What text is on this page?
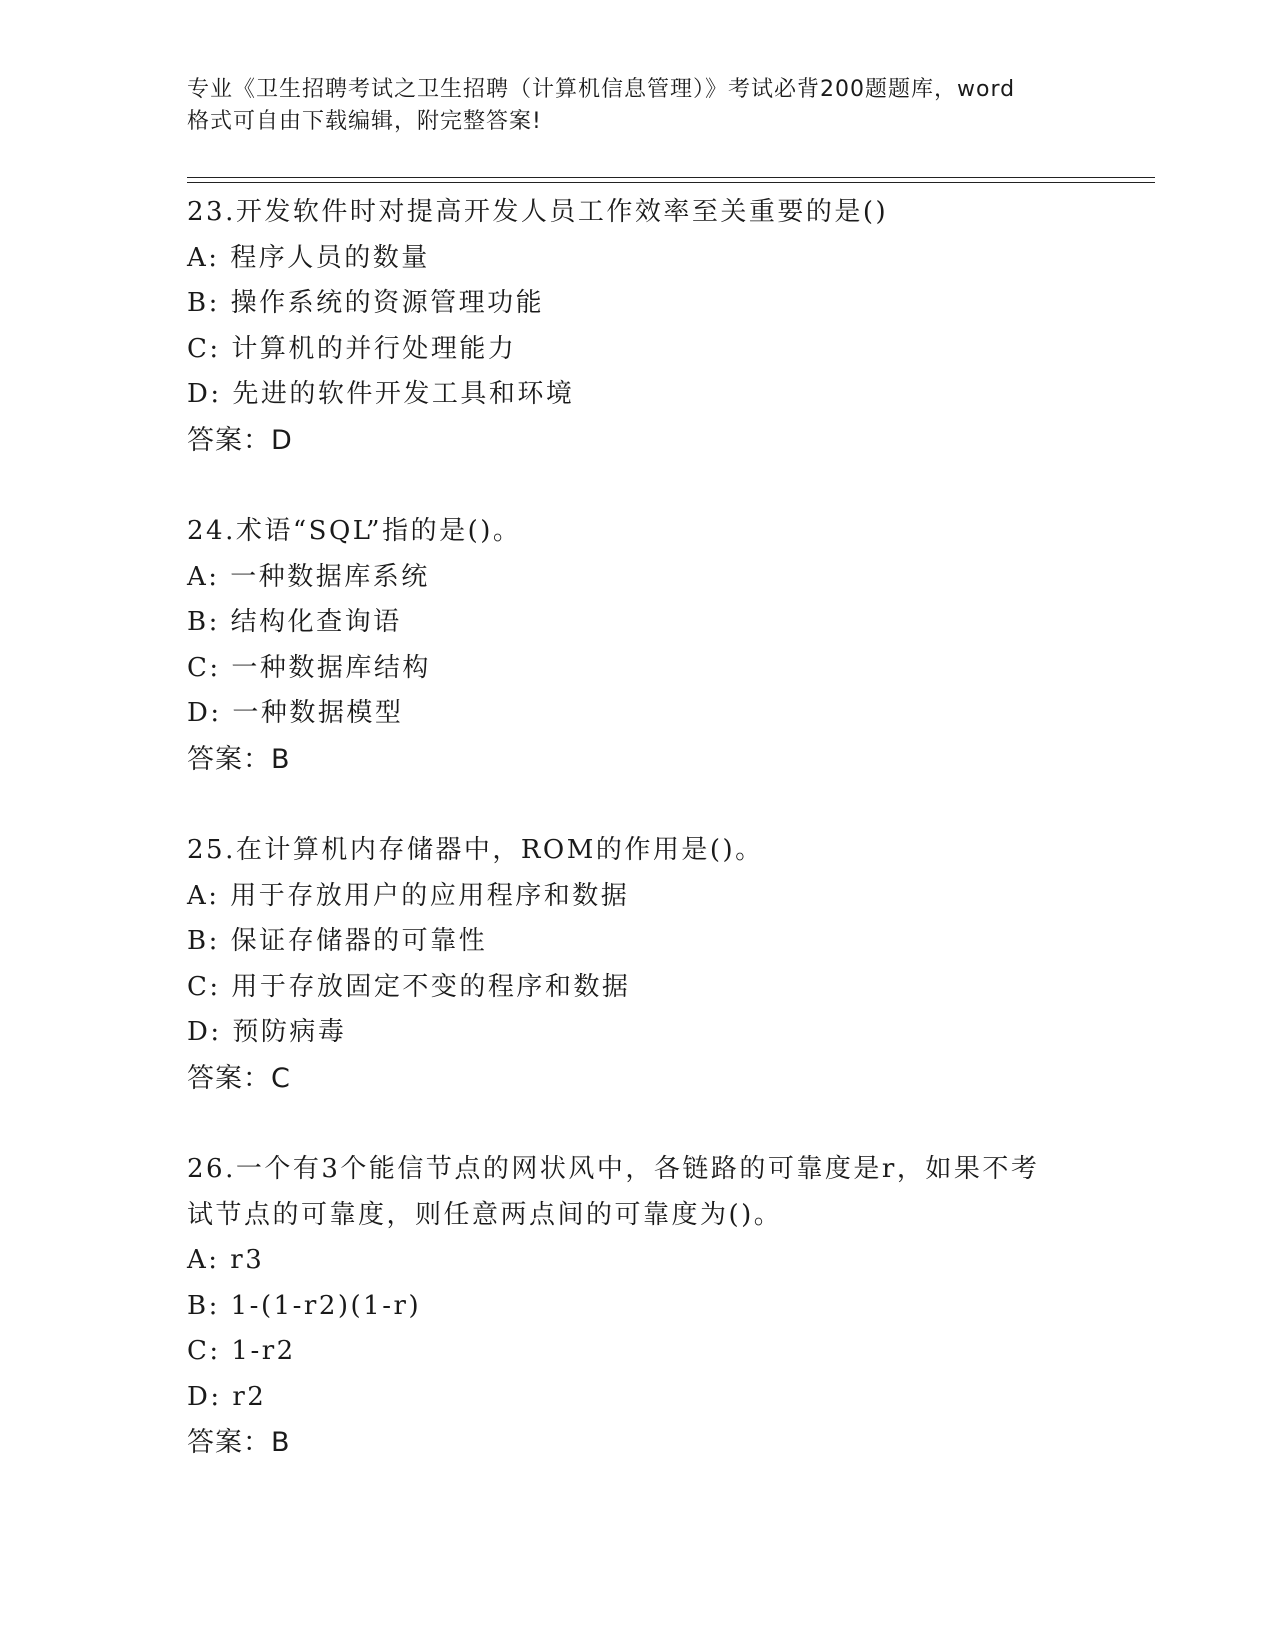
专业《卫生招聘考试之卫生招聘（计算机信息管理）》考试必背200题题库，word
格式可自由下载编辑，附完整答案!
23.开发软件时对提高开发人员工作效率至关重要的是()
A: 程序人员的数量
B: 操作系统的资源管理功能
C: 计算机的并行处理能力
D: 先进的软件开发工具和环境
答案：D
24.术语“SQL”指的是()。
A: 一种数据库系统
B: 结构化查询语
C: 一种数据库结构
D: 一种数据模型
答案：B
25.在计算机内存储器中，ROM的作用是()。
A: 用于存放用户的应用程序和数据
B: 保证存储器的可靠性
C: 用于存放固定不变的程序和数据
D: 预防病毒
答案：C
26.一个有3个能信节点的网状风中，各链路的可靠度是r，如果不考
试节点的可靠度，则任意两点间的可靠度为()。
A: r3
B: 1-(1-r2)(1-r)
C: 1-r2
D: r2
答案：B
